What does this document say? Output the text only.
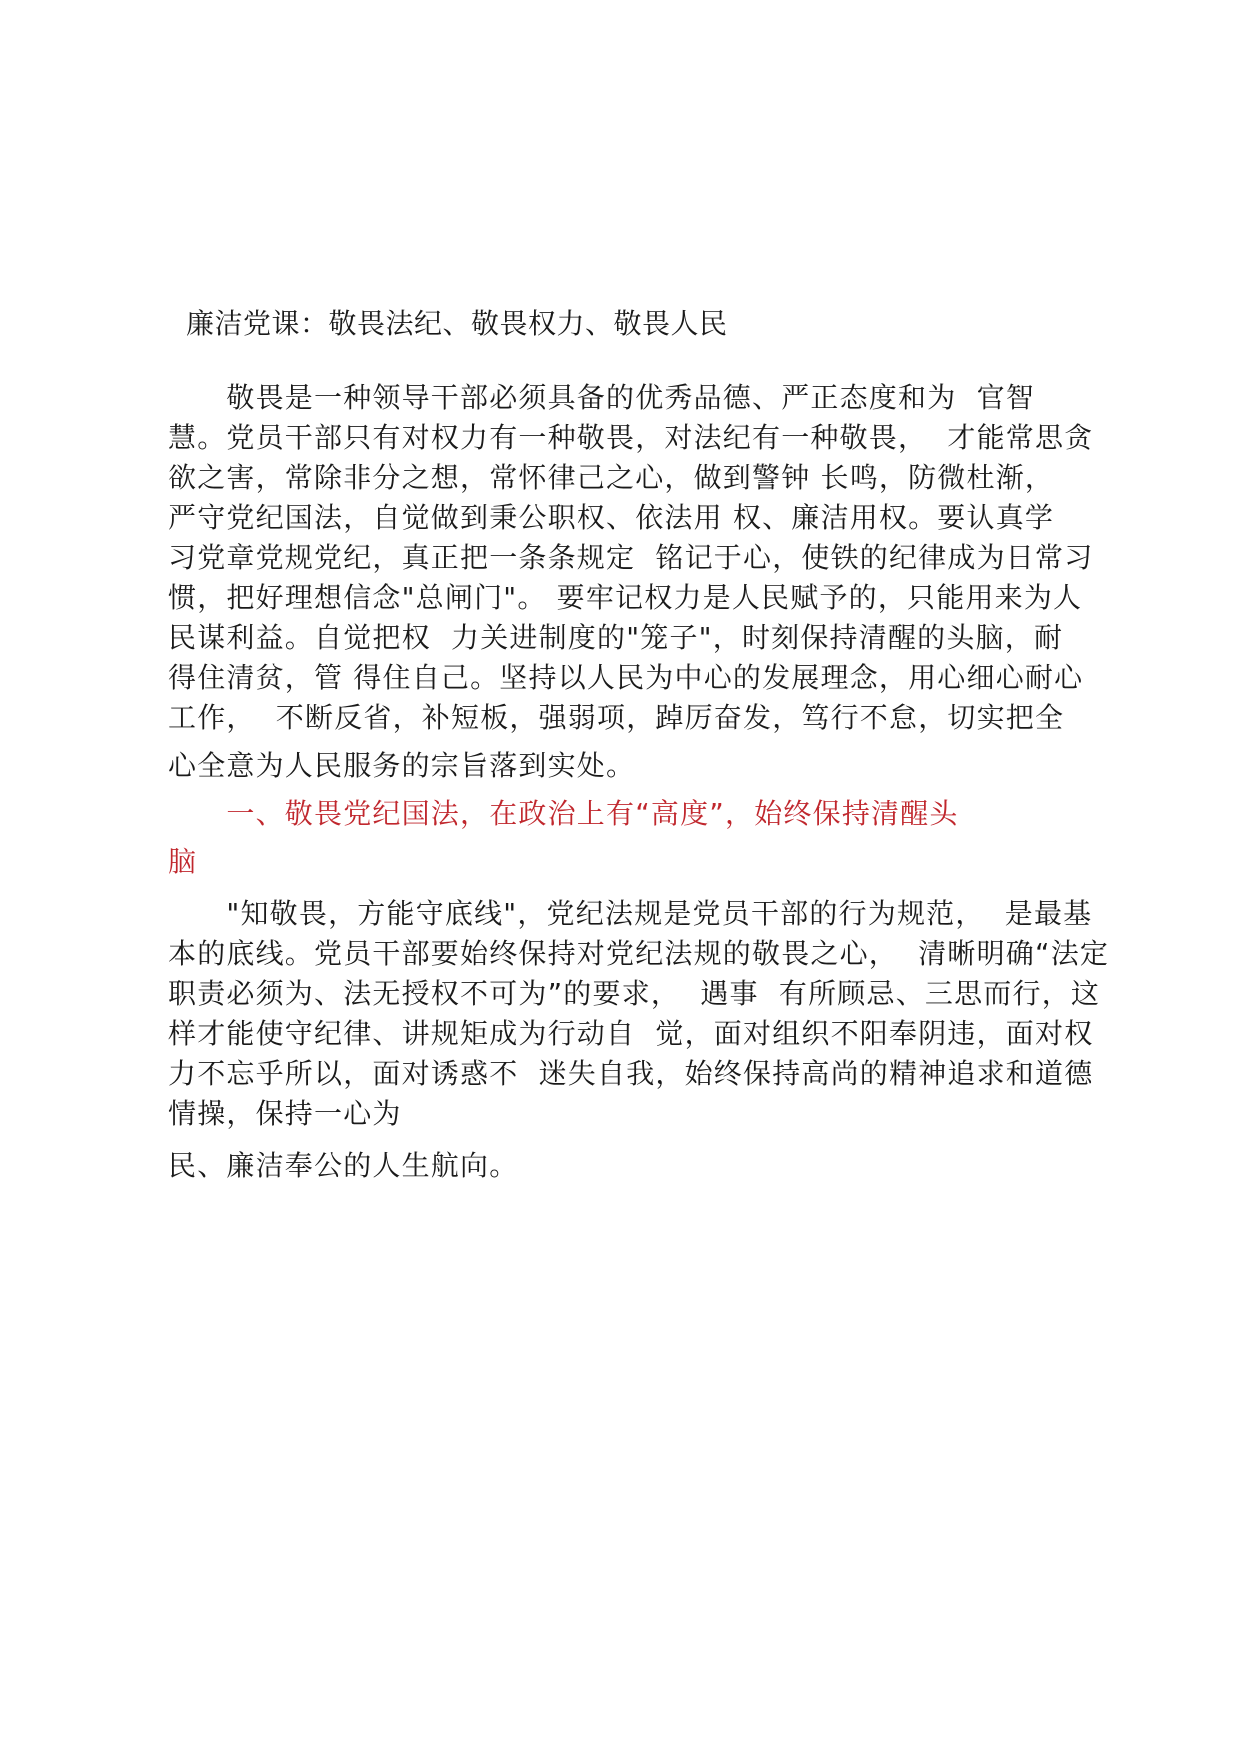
廉洁党课：敬畏法纪、敬畏权力、敬畏人民
　　敬畏是一种领导干部必须具备的优秀品德、严正态度和为  官智
慧。党员干部只有对权力有一种敬畏，对法纪有一种敬畏，  才能常思贪
欲之害，常除非分之想，常怀律己之心，做到警钟 长鸣，防微杜渐，
严守党纪国法，自觉做到秉公职权、依法用 权、廉洁用权。要认真学
习党章党规党纪，真正把一条条规定  铭记于心，使铁的纪律成为日常习
惯，把好理想信念"总闸门"。 要牢记权力是人民赋予的，只能用来为人
民谋利益。自觉把权  力关进制度的"笼子"，时刻保持清醒的头脑，耐
得住清贫，管 得住自己。坚持以人民为中心的发展理念，用心细心耐心
工作，  不断反省，补短板，强弱项，踔厉奋发，笃行不怠，切实把全
心全意为人民服务的宗旨落到实处。
　　一、敬畏党纪国法，在政治上有“高度”，始终保持清醒头
脑
　　"知敬畏，方能守底线"，党纪法规是党员干部的行为规范，  是最基
本的底线。党员干部要始终保持对党纪法规的敬畏之心，  清晰明确“法定
职责必须为、法无授权不可为”的要求，  遇事  有所顾忌、三思而行，这
样才能使守纪律、讲规矩成为行动自  觉，面对组织不阳奉阴违，面对权
力不忘乎所以，面对诱惑不  迷失自我，始终保持高尚的精神追求和道德
情操，保持一心为
民、廉洁奉公的人生航向。
